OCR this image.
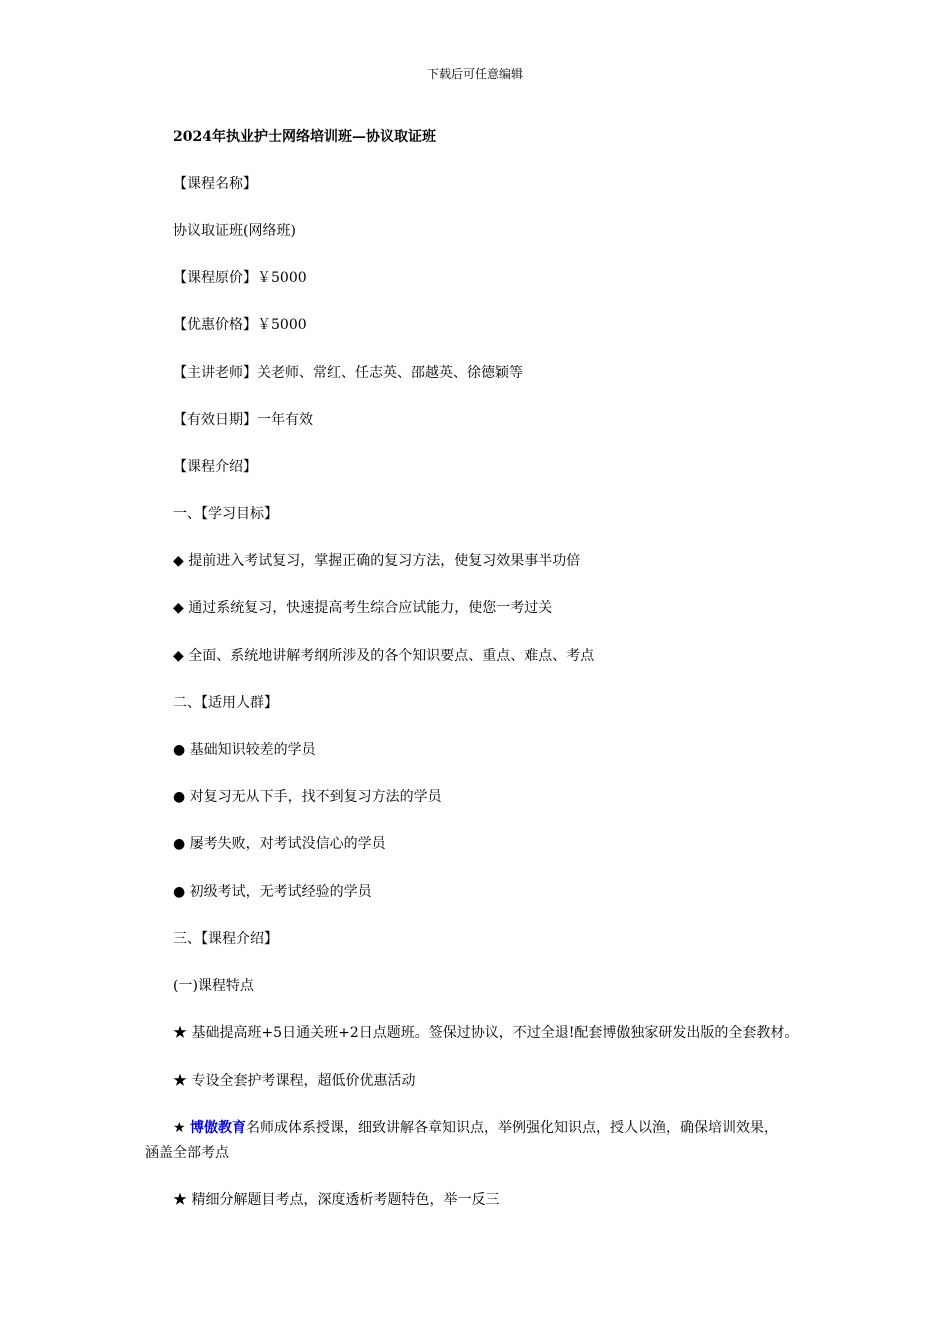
下载后可任意编辑
2024年执业护士网络培训班—协议取证班
【课程名称】
协议取证班(网络班)
【课程原价】￥5000
【优惠价格】￥5000
【主讲老师】关老师、常红、任志英、邵越英、徐德颖等
【有效日期】一年有效
【课程介绍】
一、【学习目标】
◆ 提前进入考试复习，掌握正确的复习方法，使复习效果事半功倍
◆ 通过系统复习，快速提高考生综合应试能力，使您一考过关
◆ 全面、系统地讲解考纲所涉及的各个知识要点、重点、难点、考点
二、【适用人群】
● 基础知识较差的学员
● 对复习无从下手，找不到复习方法的学员
● 屡考失败，对考试没信心的学员
● 初级考试，无考试经验的学员
三、【课程介绍】
(一)课程特点
★ 基础提高班+5日通关班+2日点题班。签保过协议，不过全退!配套博傲独家研发出版的全套教材。
★ 专设全套护考课程，超低价优惠活动
★ 博傲教育名师成体系授课，细致讲解各章知识点，举例强化知识点，授人以渔，确保培训效果，
涵盖全部考点
★ 精细分解题目考点，深度透析考题特色，举一反三
